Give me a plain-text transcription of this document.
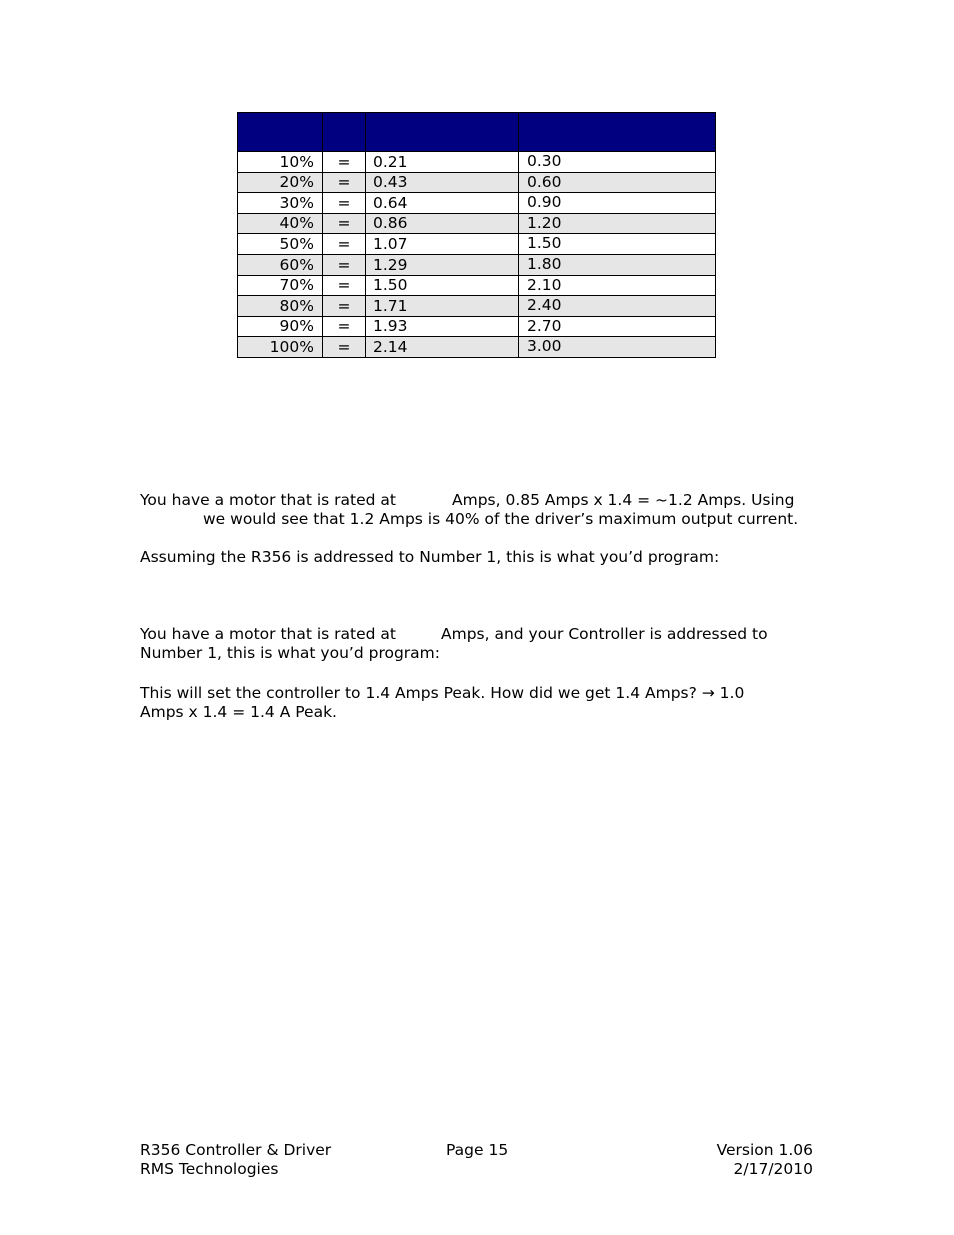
10%	=	0.21	0.30
20%	=	0.43	0.60
30%	=	0.64	0.90
40%	=	0.86	1.20
50%	=	1.07	1.50
60%	=	1.29	1.80
70%	=	1.50	2.10
80%	=	1.71	2.40
90%	=	1.93	2.70
100%	=	2.14	3.00
You have a motor that is rated at	Amps, 0.85 Amps x 1.4 = ~1.2 Amps. Using
we would see that 1.2 Amps is 40% of the driver’s maximum output current.
Assuming the R356 is addressed to Number 1, this is what you’d program:
You have a motor that is rated at	Amps, and your Controller is addressed to
Number 1, this is what you’d program:
This will set the controller to 1.4 Amps Peak. How did we get 1.4 Amps? → 1.0
Amps x 1.4 = 1.4 A Peak.
R356 Controller & Driver
RMS Technologies
Page 15	Version 1.06
2/17/2010
